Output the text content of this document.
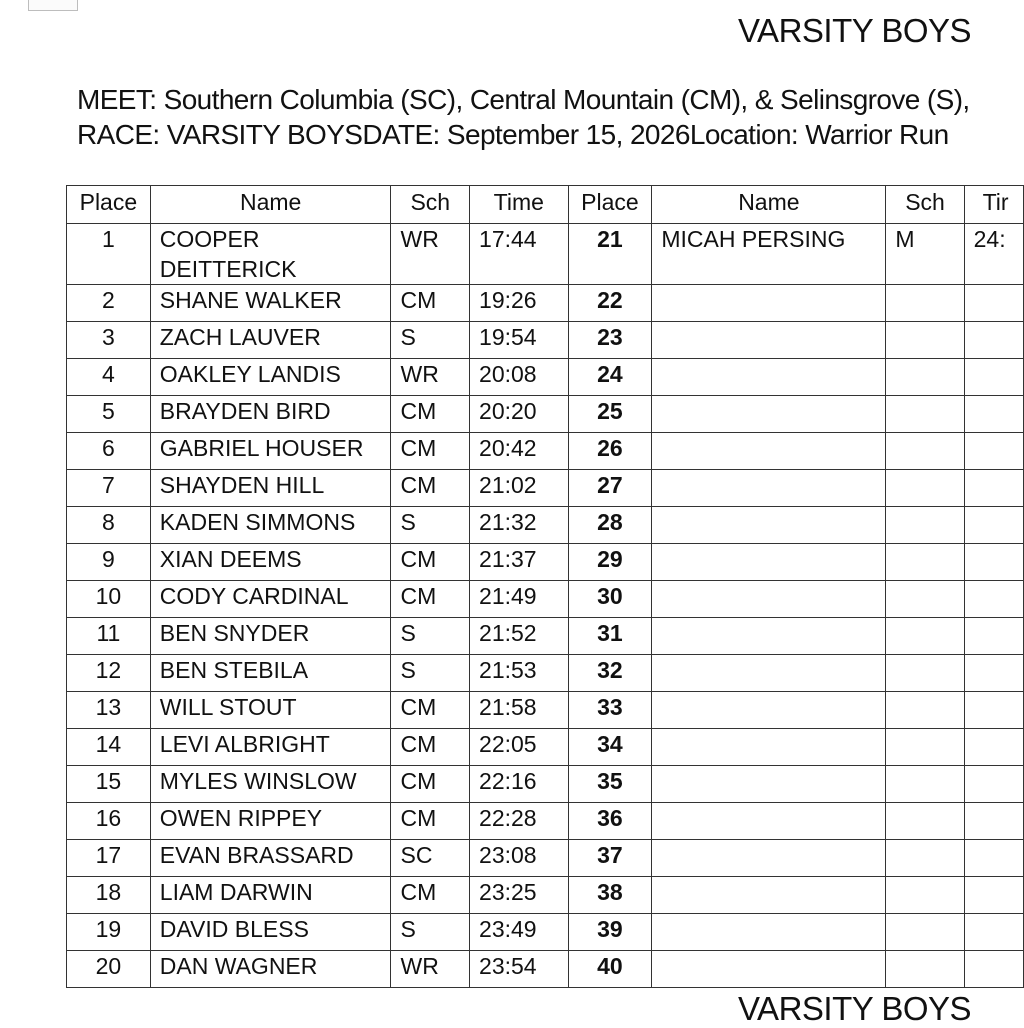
VARSITY BOYS
MEET: Southern Columbia (SC), Central Mountain (CM), & Selinsgrove (S),
RACE: VARSITY BOYSDATE: September 15, 2026Location: Warrior Run
Place	Name	Sch	Time	Place	Name	Sch	Tir
1	COOPER DEITTERICK	WR	17:44	21	MICAH PERSING	M	24:
2	SHANE WALKER	CM	19:26	22			
3	ZACH LAUVER	S	19:54	23			
4	OAKLEY LANDIS	WR	20:08	24			
5	BRAYDEN BIRD	CM	20:20	25			
6	GABRIEL HOUSER	CM	20:42	26			
7	SHAYDEN HILL	CM	21:02	27			
8	KADEN SIMMONS	S	21:32	28			
9	XIAN DEEMS	CM	21:37	29			
10	CODY CARDINAL	CM	21:49	30			
11	BEN SNYDER	S	21:52	31			
12	BEN STEBILA	S	21:53	32			
13	WILL STOUT	CM	21:58	33			
14	LEVI ALBRIGHT	CM	22:05	34			
15	MYLES WINSLOW	CM	22:16	35			
16	OWEN RIPPEY	CM	22:28	36			
17	EVAN BRASSARD	SC	23:08	37			
18	LIAM DARWIN	CM	23:25	38			
19	DAVID BLESS	S	23:49	39			
20	DAN WAGNER	WR	23:54	40			
VARSITY BOYS
